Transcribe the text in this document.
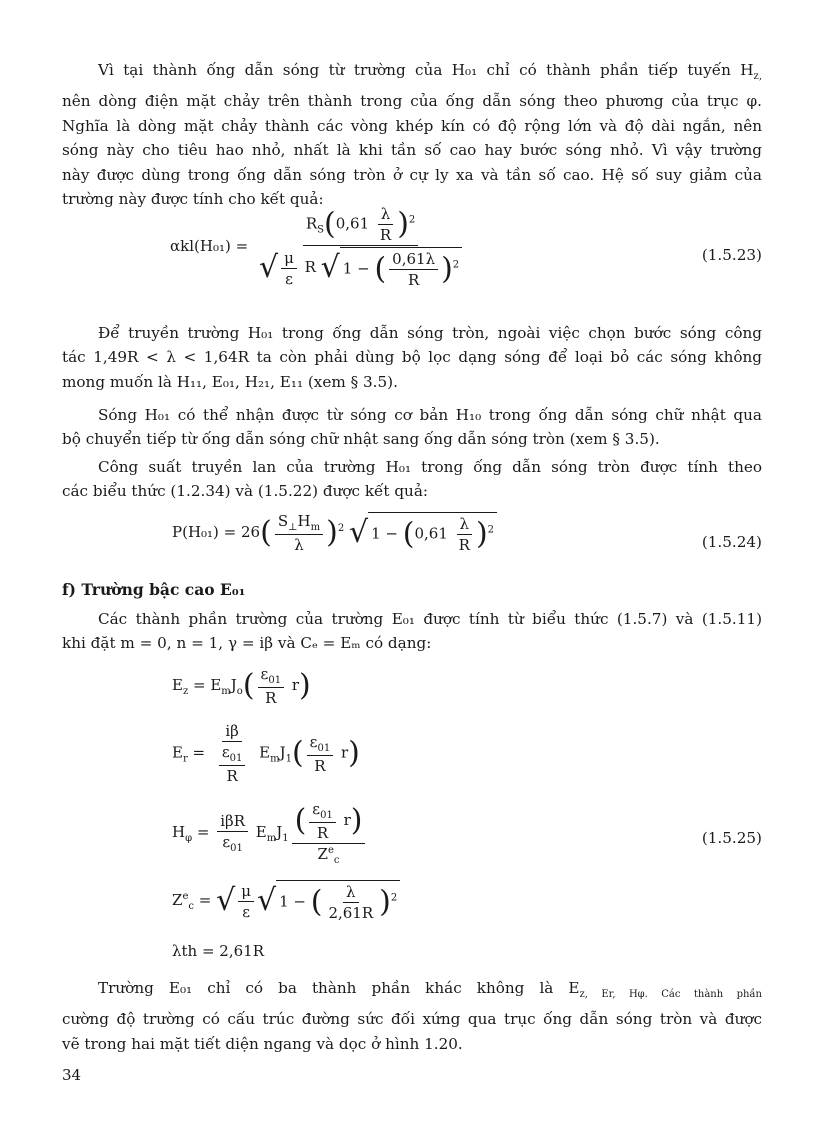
Vì tại thành ống dẫn sóng từ trường của H₀₁ chỉ có thành phần tiếp tuyến $H_{z,}$
nên dòng điện mặt chảy trên thành trong của ống dẫn sóng theo phương của trục φ.
Nghĩa là dòng mặt chảy thành các vòng khép kín có độ rộng lớn và độ dài ngắn, nên
sóng này cho tiêu hao nhỏ, nhất là khi tần số cao hay bước sóng nhỏ. Vì vậy trường
này được dùng trong ống dẫn sóng tròn ở cự ly xa và tần số cao. Hệ số suy giảm của
trường này được tính cho kết quả:
$\alpha kl(H_{01}) = \frac{R_S(0,61 \frac{\lambda}{R} )^2}{√ \frac{\mu}{\varepsilon} R √ 1 - ( \frac{0,61\lambda}{R} )^2}$	(1.5.23)
Để truyền trường H₀₁ trong ống dẫn sóng tròn, ngoài việc chọn bước sóng công
tác 1,49R < λ < 1,64R ta còn phải dùng bộ lọc dạng sóng để loại bỏ các sóng không
mong muốn là H₁₁, E₀₁, H₂₁, E₁₁ (xem § 3.5).
Sóng H₀₁ có thể nhận được từ sóng cơ bản H₁₀ trong ống dẫn sóng chữ nhật qua
bộ chuyển tiếp từ ống dẫn sóng chữ nhật sang ống dẫn sóng tròn (xem § 3.5).
Công suất truyền lan của trường H₀₁ trong ống dẫn sóng tròn được tính theo
các biểu thức (1.2.34) và (1.5.22) được kết quả:
$P(H_{01}) = 26( \frac{S_\perp H_m}{\lambda} )^2$ √ $1 - (0,61 \frac{\lambda}{R} )^2$
(1.5.24)
f) Trường bậc cao E₀₁
Các thành phần trường của trường E₀₁ được tính từ biểu thức (1.5.7) và (1.5.11)
khi đặt m = 0, n = 1, γ = iβ và Cₑ = Eₘ có dạng:
$E_z = E_mJ_o( \frac{\varepsilon_{01}}{R} r)$
$E_r = \frac{i\beta}{\frac{\varepsilon_{01}}{R}} E_mJ_1( \frac{\varepsilon_{01}}{R} r)$
$H_\varphi = \frac{\text{iβR}}{\varepsilon_{01}} E_mJ_1 \frac{( \frac{\varepsilon_{01}}{R} r)}{Z^e_c}$	(1.5.25)
$Z^e_c$ = √ $\frac{\mu}{\varepsilon}$ √ 1 − ( $\frac{\lambda}{2,61R} )^2$
λth = 2,61R
Trường E₀₁ chỉ có ba thành phần khác không là $E_{z, Er, H\varphi. Các thành phần}$
cường độ trường có cấu trúc đường sức đối xứng qua trục ống dẫn sóng tròn và được
vẽ trong hai mặt tiết diện ngang và dọc ở hình 1.20.
34
